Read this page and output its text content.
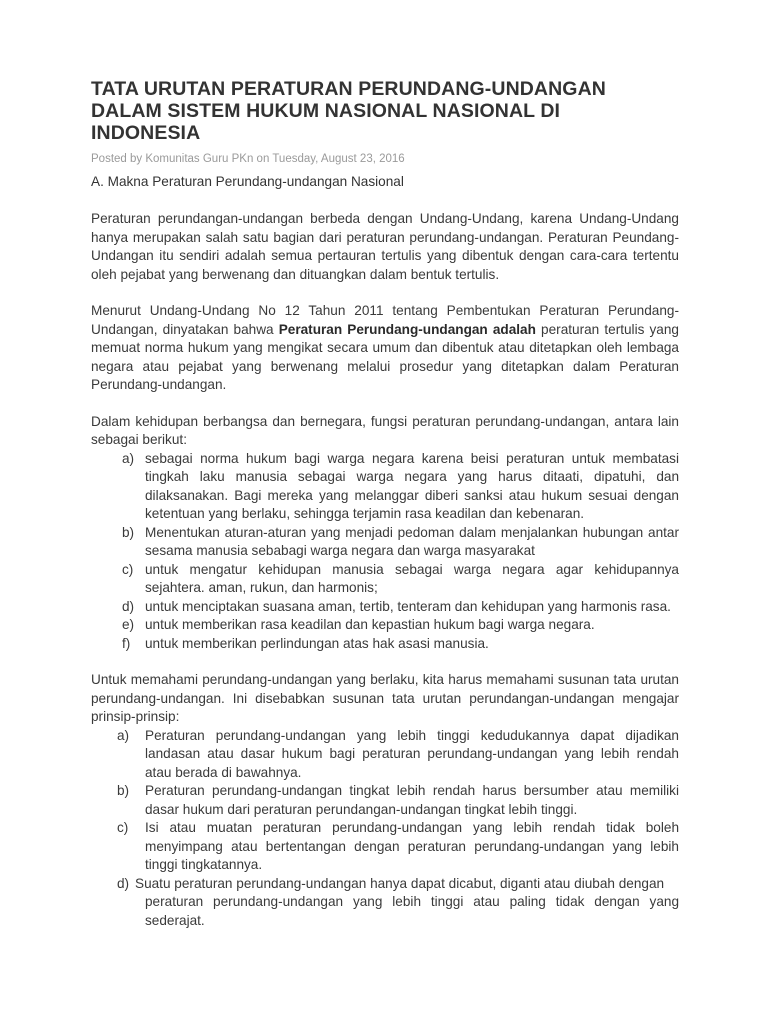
TATA URUTAN PERATURAN PERUNDANG-UNDANGAN
DALAM SISTEM HUKUM NASIONAL NASIONAL DI
INDONESIA
Posted by Komunitas Guru PKn on Tuesday, August 23, 2016
A. Makna Peraturan Perundang-undangan Nasional

Peraturan perundangan-undangan berbeda dengan Undang-Undang, karena Undang-Undang hanya merupakan salah satu bagian dari peraturan perundang-undangan. Peraturan Peundang-Undangan itu sendiri adalah semua pertauran tertulis yang dibentuk dengan cara-cara tertentu oleh pejabat yang berwenang dan dituangkan dalam bentuk tertulis.

Menurut Undang-Undang No 12 Tahun 2011 tentang Pembentukan Peraturan Perundang-Undangan, dinyatakan bahwa Peraturan Perundang-undangan adalah peraturan tertulis yang memuat norma hukum yang mengikat secara umum dan dibentuk atau ditetapkan oleh lembaga negara atau pejabat yang berwenang melalui prosedur yang ditetapkan dalam Peraturan Perundang-undangan.

Dalam kehidupan berbangsa dan bernegara, fungsi peraturan perundang-undangan, antara lain sebagai berikut:

a) sebagai norma hukum bagi warga negara karena beisi peraturan untuk membatasi tingkah laku manusia sebagai warga negara yang harus ditaati, dipatuhi, dan dilaksanakan. Bagi mereka yang melanggar diberi sanksi atau hukum sesuai dengan ketentuan yang berlaku, sehingga terjamin rasa keadilan dan kebenaran.
b) Menentukan aturan-aturan yang menjadi pedoman dalam menjalankan hubungan antar sesama manusia sebabagi warga negara dan warga masyarakat
c) untuk mengatur kehidupan manusia sebagai warga negara agar kehidupannya sejahtera. aman, rukun, dan harmonis;
d) untuk menciptakan suasana aman, tertib, tenteram dan kehidupan yang harmonis rasa.
e) untuk memberikan rasa keadilan dan kepastian hukum bagi warga negara.
f) untuk memberikan perlindungan atas hak asasi manusia.

Untuk memahami perundang-undangan yang berlaku, kita harus memahami susunan tata urutan perundang-undangan. Ini disebabkan susunan tata urutan perundangan-undangan mengajar prinsip-prinsip:

a) Peraturan perundang-undangan yang lebih tinggi kedudukannya dapat dijadikan landasan atau dasar hukum bagi peraturan perundang-undangan yang lebih rendah atau berada di bawahnya.
b) Peraturan perundang-undangan tingkat lebih rendah harus bersumber atau memiliki dasar hukum dari peraturan perundangan-undangan tingkat lebih tinggi.
c) Isi atau muatan peraturan perundang-undangan yang lebih rendah tidak boleh menyimpang atau bertentangan dengan peraturan perundang-undangan yang lebih tinggi tingkatannya.
d) Suatu peraturan perundang-undangan hanya dapat dicabut, diganti atau diubah dengan
peraturan perundang-undangan yang lebih tinggi atau paling tidak dengan yang sederajat.
